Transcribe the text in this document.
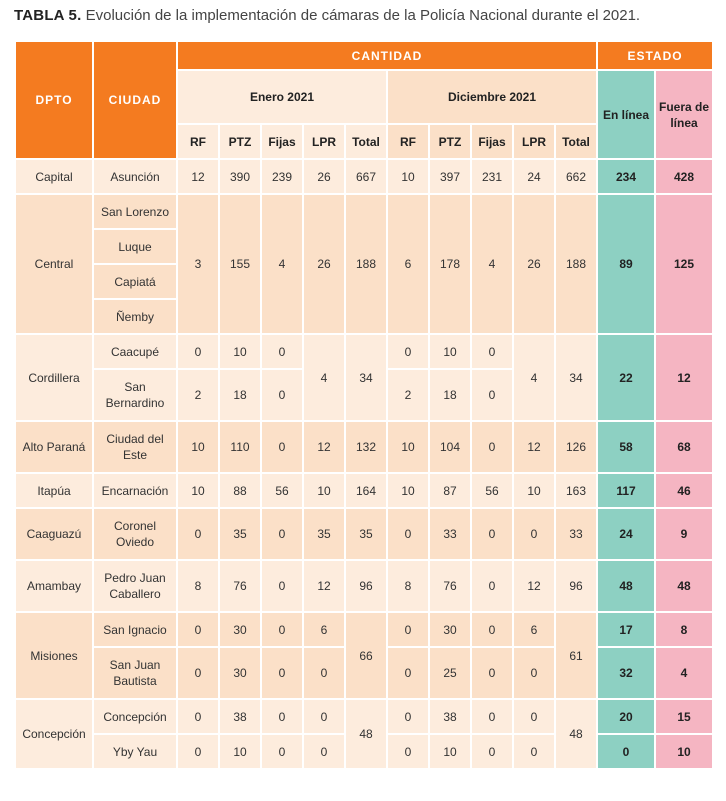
TABLA 5. Evolución de la implementación de cámaras de la Policía Nacional durante el 2021.
DPTO	CIUDAD	CANTIDAD										ESTADO	
		Enero 2021					Diciembre 2021					En línea	Fuera de línea
		RF	PTZ	Fijas	LPR	Total	RF	PTZ	Fijas	LPR	Total		
Capital	Asunción	12	390	239	26	667	10	397	231	24	662	234	428
Central	San Lorenzo	3	155	4	26	188	6	178	4	26	188	89	125
	Luque												
	Capiatá												
	Ñemby												
Cordillera	Caacupé	0	10	0	4	34	0	10	0	4	34	22	12
	San Bernardino	2	18	0			2	18	0				
Alto Paraná	Ciudad del Este	10	110	0	12	132	10	104	0	12	126	58	68
Itapúa	Encarnación	10	88	56	10	164	10	87	56	10	163	117	46
Caaguazú	Coronel Oviedo	0	35	0	35	35	0	33	0	0	33	24	9
Amambay	Pedro Juan Caballero	8	76	0	12	96	8	76	0	12	96	48	48
Misiones	San Ignacio	0	30	0	6	66	0	30	0	6	61	17	8
	San Juan Bautista	0	30	0	0		0	25	0	0		32	4
Concepción	Concepción	0	38	0	0	48	0	38	0	0	48	20	15
	Yby Yau	0	10	0	0		0	10	0	0		0	10
